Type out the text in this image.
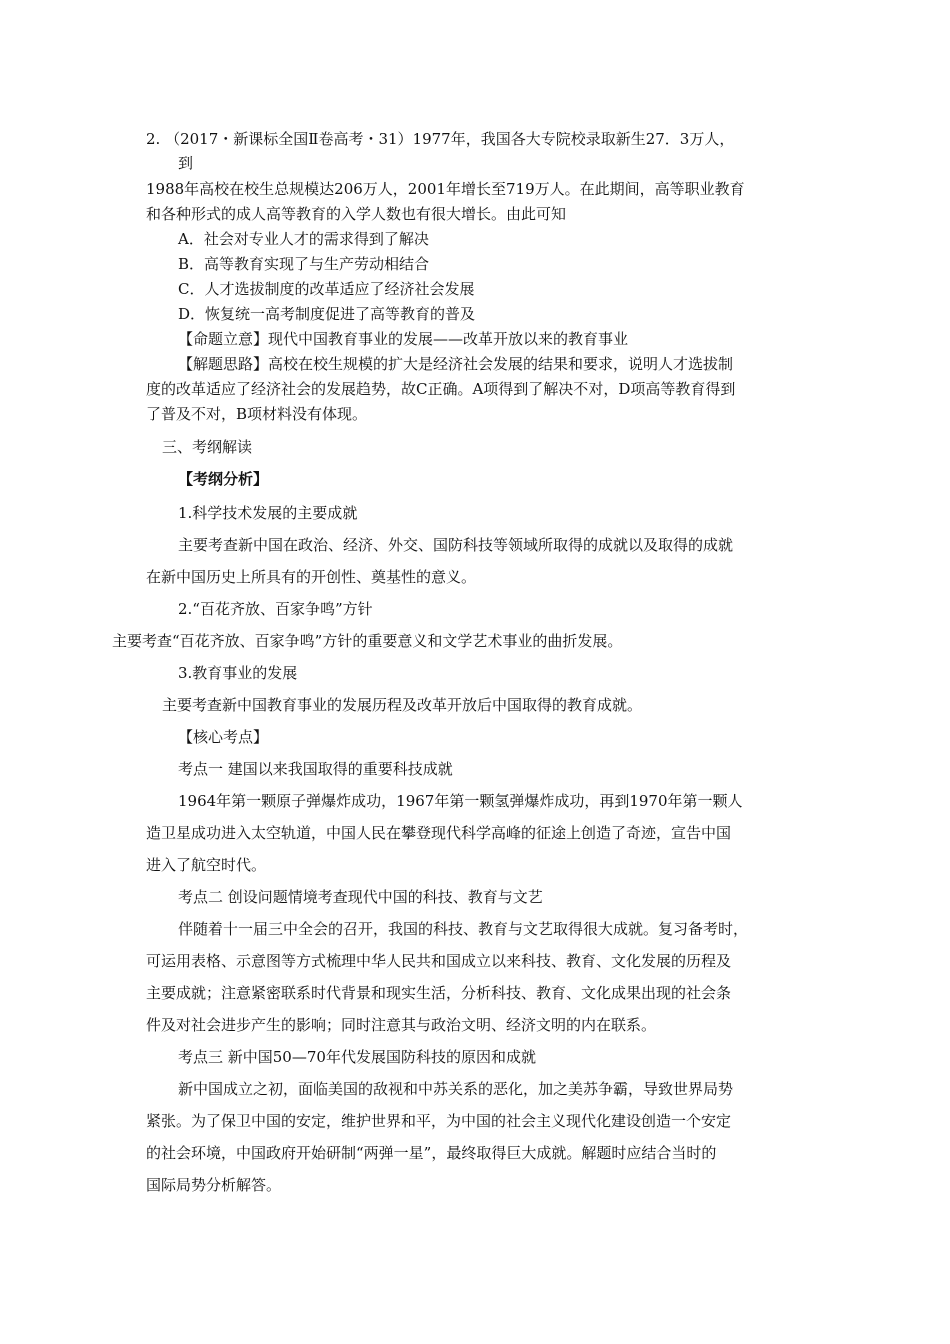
2. （2017・新课标全国Ⅱ卷高考・31）1977年，我国各大专院校录取新生27．3万人，
到
1988年高校在校生总规模达206万人，2001年增长至719万人。在此期间，高等职业教育
和各种形式的成人高等教育的入学人数也有很大增长。由此可知
A．社会对专业人才的需求得到了解决
B．高等教育实现了与生产劳动相结合
C．人才选拔制度的改革适应了经济社会发展
D．恢复统一高考制度促进了高等教育的普及
【命题立意】现代中国教育事业的发展——改革开放以来的教育事业
【解题思路】高校在校生规模的扩大是经济社会发展的结果和要求，说明人才选拔制
度的改革适应了经济社会的发展趋势，故C正确。A项得到了解决不对，D项高等教育得到
了普及不对，B项材料没有体现。
三、考纲解读
【考纲分析】
1.科学技术发展的主要成就
主要考查新中国在政治、经济、外交、国防科技等领域所取得的成就以及取得的成就
在新中国历史上所具有的开创性、奠基性的意义。
2.“百花齐放、百家争鸣”方针
主要考查“百花齐放、百家争鸣”方针的重要意义和文学艺术事业的曲折发展。
3.教育事业的发展
主要考查新中国教育事业的发展历程及改革开放后中国取得的教育成就。
【核心考点】
考点一 建国以来我国取得的重要科技成就
1964年第一颗原子弹爆炸成功，1967年第一颗氢弹爆炸成功，再到1970年第一颗人
造卫星成功进入太空轨道，中国人民在攀登现代科学高峰的征途上创造了奇迹，宣告中国
进入了航空时代。
考点二 创设问题情境考查现代中国的科技、教育与文艺
伴随着十一届三中全会的召开，我国的科技、教育与文艺取得很大成就。复习备考时，
可运用表格、示意图等方式梳理中华人民共和国成立以来科技、教育、文化发展的历程及
主要成就；注意紧密联系时代背景和现实生活，分析科技、教育、文化成果出现的社会条
件及对社会进步产生的影响；同时注意其与政治文明、经济文明的内在联系。
考点三 新中国50—70年代发展国防科技的原因和成就
新中国成立之初，面临美国的敌视和中苏关系的恶化，加之美苏争霸，导致世界局势
紧张。为了保卫中国的安定，维护世界和平，为中国的社会主义现代化建设创造一个安定
的社会环境，中国政府开始研制“两弹一星”，最终取得巨大成就。解题时应结合当时的
国际局势分析解答。
